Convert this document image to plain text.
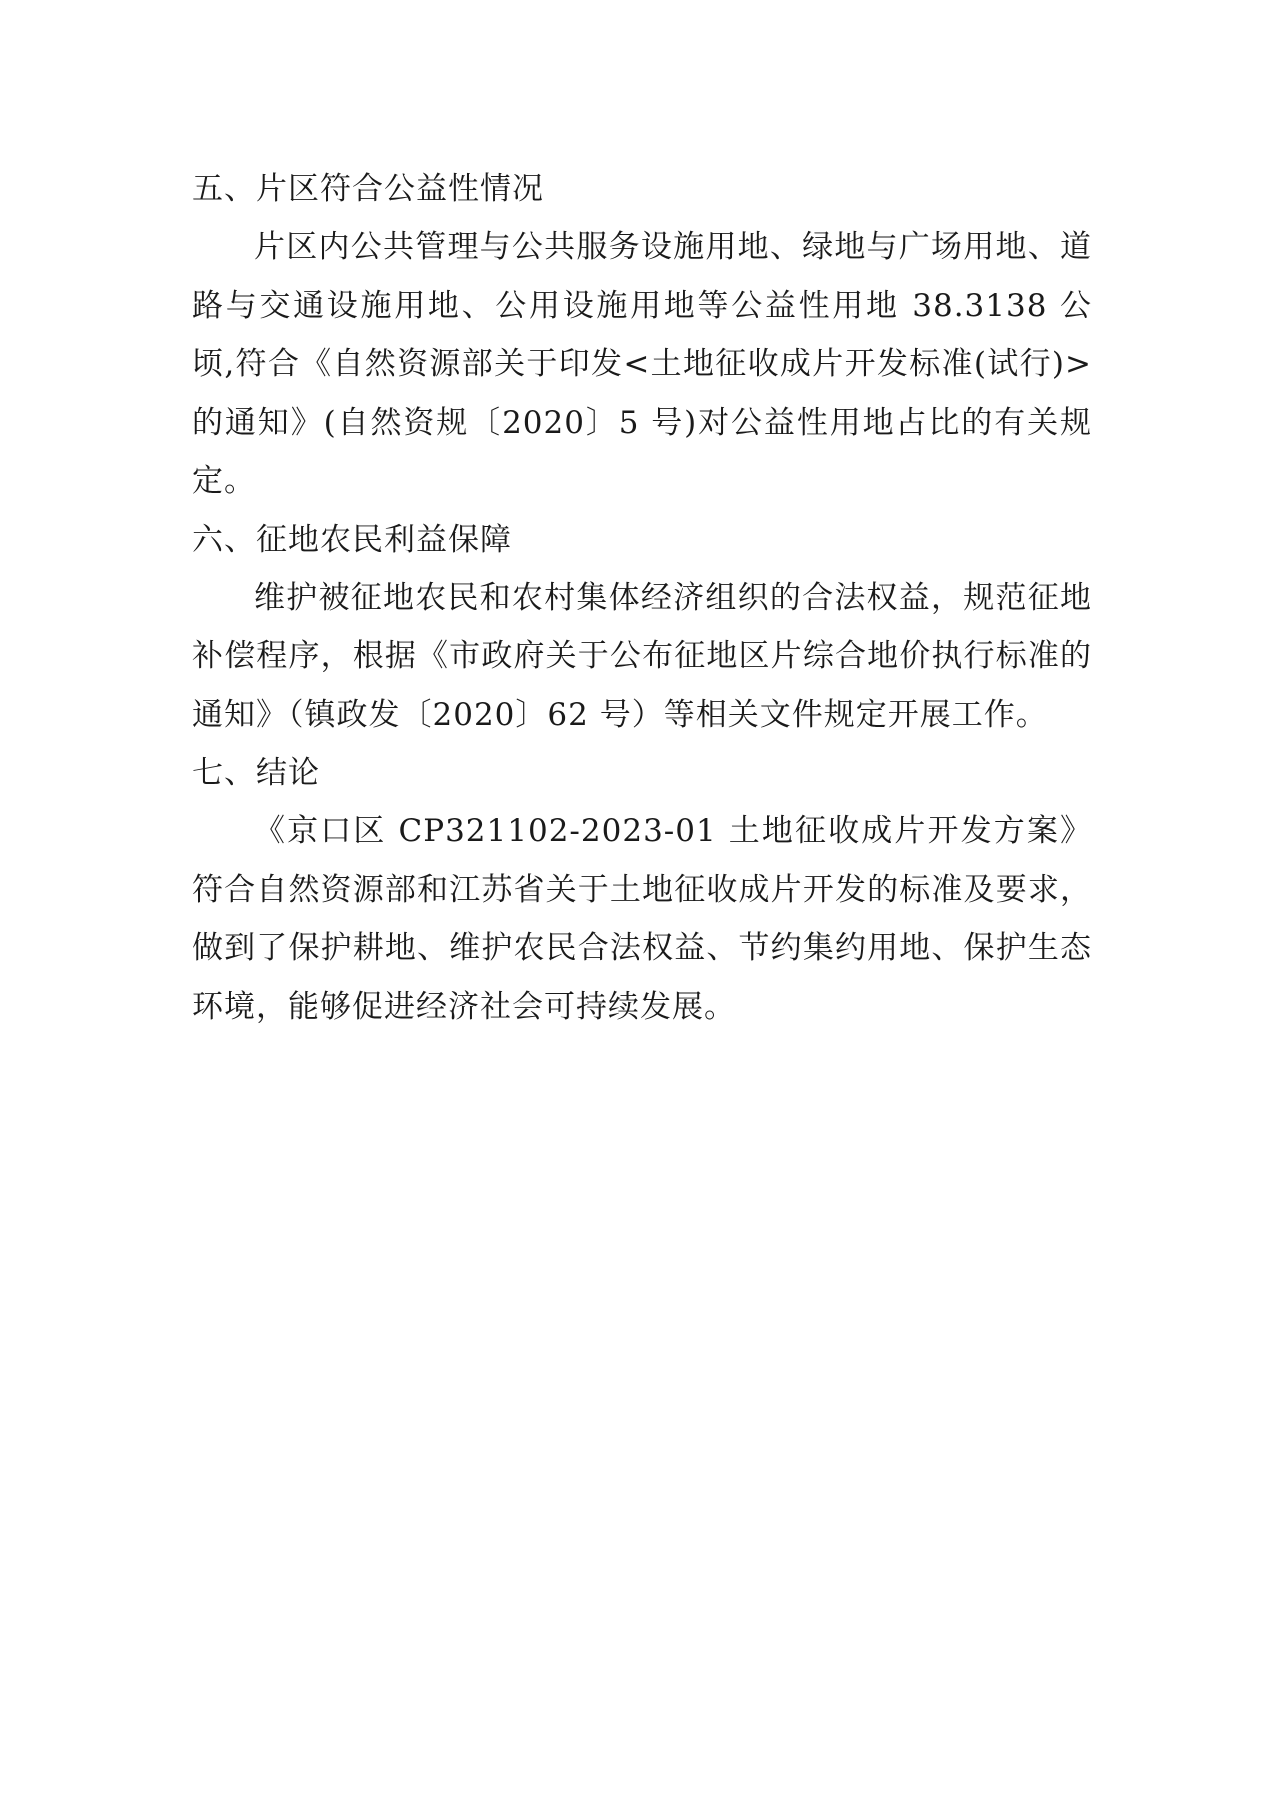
五、片区符合公益性情况

片区内公共管理与公共服务设施用地、绿地与广场用地、道路与交通设施用地、公用设施用地等公益性用地 38.3138 公顷,符合《自然资源部关于印发<土地征收成片开发标准(试行)>的通知》(自然资规〔2020〕5 号)对公益性用地占比的有关规定。

六、征地农民利益保障

维护被征地农民和农村集体经济组织的合法权益，规范征地补偿程序，根据《市政府关于公布征地区片综合地价执行标准的通知》（镇政发〔2020〕62 号）等相关文件规定开展工作。

七、结论

《京口区 CP321102-2023-01 土地征收成片开发方案》符合自然资源部和江苏省关于土地征收成片开发的标准及要求，做到了保护耕地、维护农民合法权益、节约集约用地、保护生态环境，能够促进经济社会可持续发展。
